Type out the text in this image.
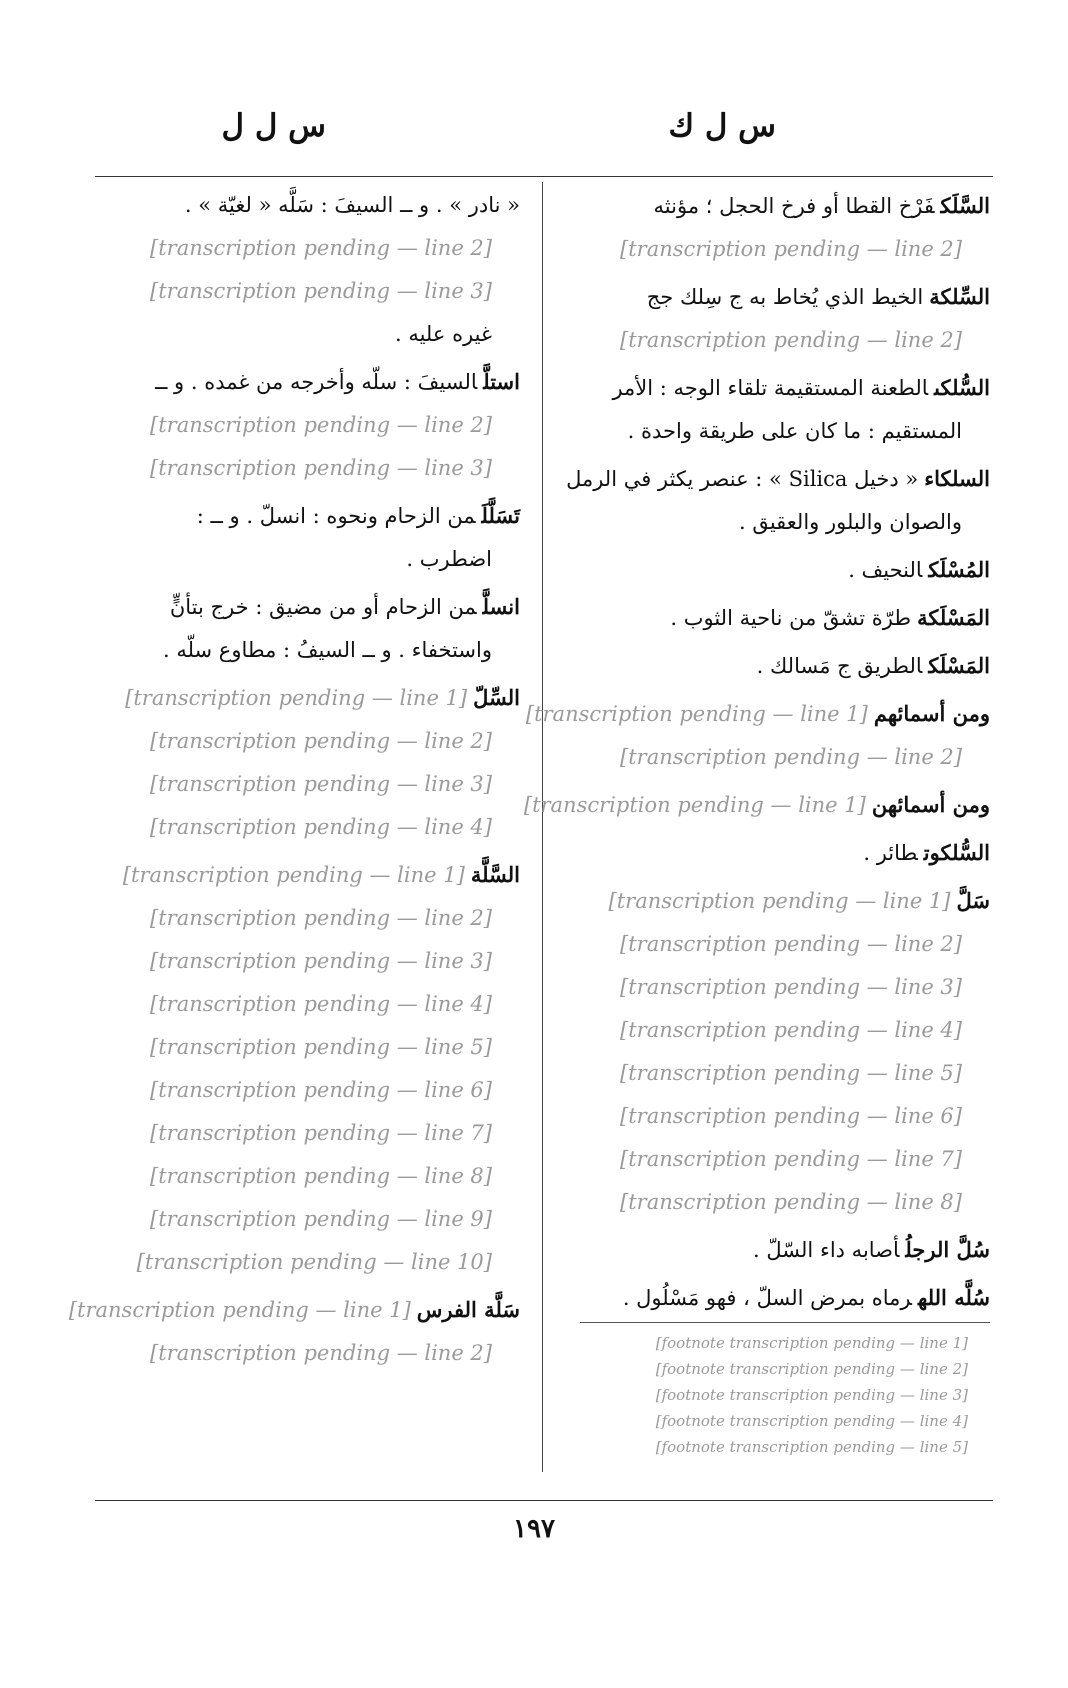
س ل ك
س ل ل

السَّلَكفَرْخ القطا أو فرخ الحجل ؛ مؤنثه
[transcription pending — line 2]

السِّلكةالخيط الذي يُخاط به ج سِلك جج
[transcription pending — line 2]

السُّلكىالطعنة المستقيمة تلقاء الوجه : الأمر
المستقيم : ما كان على طريقة واحدة .

السلكاء« دخيل Silica » : عنصر يكثر في الرمل
والصوان والبلور والعقيق .

المُسْلَكالنحيف .

المَسْلَكةطرّة تشقّ من ناحية الثوب .

المَسْلَكالطريق ج مَسالك .

ومن أسمائهم[transcription pending — line 1]
[transcription pending — line 2]

ومن أسمائهن[transcription pending — line 1]

السُّلكوتطائر .

سَلَّ[transcription pending — line 1]
[transcription pending — line 2]
[transcription pending — line 3]
[transcription pending — line 4]
[transcription pending — line 5]
[transcription pending — line 6]
[transcription pending — line 7]
[transcription pending — line 8]

سُلَّ الرجلُأصابه داء السّلّ .

سُلَّه اللهرماه بمرض السلّ ، فهو مَسْلُول .

« نادر » . و ــ السيفَ : سَلَّه « لغيّة » .
[transcription pending — line 2]
[transcription pending — line 3]
غيره عليه .

استلَّالسيفَ : سلّه وأخرجه من غمده . و ــ
[transcription pending — line 2]
[transcription pending — line 3]

تَسَلَّلَمن الزحام ونحوه : انسلّ . و ــ :
اضطرب .

انسلَّمن الزحام أو من مضيق : خرج بتأنٍّ
واستخفاء . و ــ السيفُ : مطاوع سلّه .

السِّلّ[transcription pending — line 1]
[transcription pending — line 2]
[transcription pending — line 3]
[transcription pending — line 4]

السَّلَّة[transcription pending — line 1]
[transcription pending — line 2]
[transcription pending — line 3]
[transcription pending — line 4]
[transcription pending — line 5]
[transcription pending — line 6]
[transcription pending — line 7]
[transcription pending — line 8]
[transcription pending — line 9]
[transcription pending — line 10]

سَلَّة الفرس[transcription pending — line 1]
[transcription pending — line 2]	[footnote transcription pending — line 1]
[footnote transcription pending — line 2]
[footnote transcription pending — line 3]
[footnote transcription pending — line 4]
[footnote transcription pending — line 5]
١٩٧
